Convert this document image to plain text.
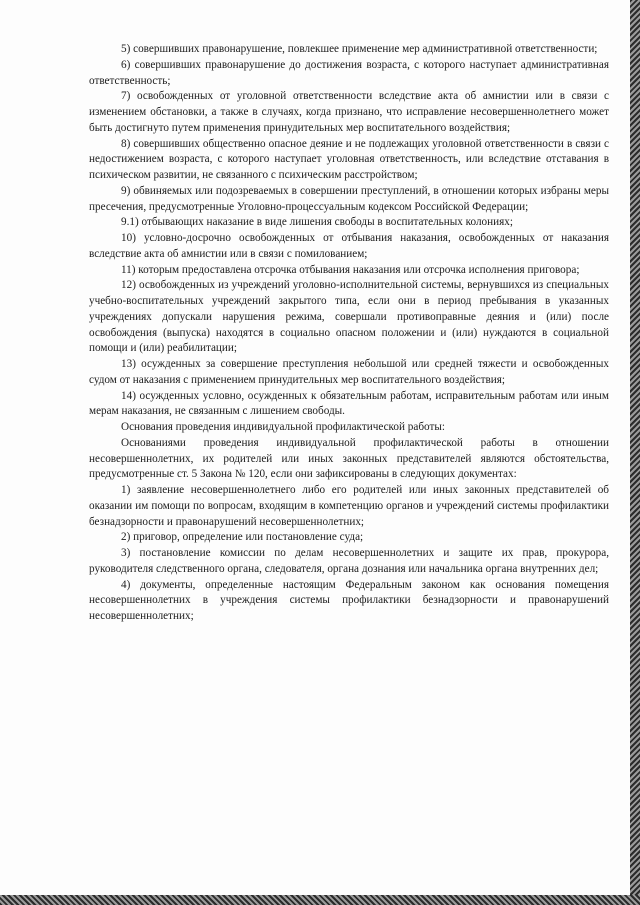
5) совершивших правонарушение, повлекшее применение мер административной ответственности;

6) совершивших правонарушение до достижения возраста, с которого наступает административная ответственность;

7) освобожденных от уголовной ответственности вследствие акта об амнистии или в связи с изменением обстановки, а также в случаях, когда признано, что исправление несовершеннолетнего может быть достигнуто путем применения принудительных мер воспитательного воздействия;

8) совершивших общественно опасное деяние и не подлежащих уголовной ответственности в связи с недостижением возраста, с которого наступает уголовная ответственность, или вследствие отставания в психическом развитии, не связанного с психическим расстройством;

9) обвиняемых или подозреваемых в совершении преступлений, в отношении которых избраны меры пресечения, предусмотренные Уголовно-процессуальным кодексом Российской Федерации;

9.1) отбывающих наказание в виде лишения свободы в воспитательных колониях;

10) условно-досрочно освобожденных от отбывания наказания, освобожденных от наказания вследствие акта об амнистии или в связи с помилованием;

11) которым предоставлена отсрочка отбывания наказания или отсрочка исполнения приговора;

12) освобожденных из учреждений уголовно-исполнительной системы, вернувшихся из специальных учебно-воспитательных учреждений закрытого типа, если они в период пребывания в указанных учреждениях допускали нарушения режима, совершали противоправные деяния и (или) после освобождения (выпуска) находятся в социально опасном положении и (или) нуждаются в социальной помощи и (или) реабилитации;

13) осужденных за совершение преступления небольшой или средней тяжести и освобожденных судом от наказания с применением принудительных мер воспитательного воздействия;

14) осужденных условно, осужденных к обязательным работам, исправительным работам или иным мерам наказания, не связанным с лишением свободы.

Основания проведения индивидуальной профилактической работы:

Основаниями проведения индивидуальной профилактической работы в отношении несовершеннолетних, их родителей или иных законных представителей являются обстоятельства, предусмотренные ст. 5 Закона № 120, если они зафиксированы в следующих документах:

1) заявление несовершеннолетнего либо его родителей или иных законных представителей об оказании им помощи по вопросам, входящим в компетенцию органов и учреждений системы профилактики безнадзорности и правонарушений несовершеннолетних;

2) приговор, определение или постановление суда;

3) постановление комиссии по делам несовершеннолетних и защите их прав, прокурора, руководителя следственного органа, следователя, органа дознания или начальника органа внутренних дел;

4) документы, определенные настоящим Федеральным законом как основания помещения несовершеннолетних в учреждения системы профилактики безнадзорности и правонарушений несовершеннолетних;
